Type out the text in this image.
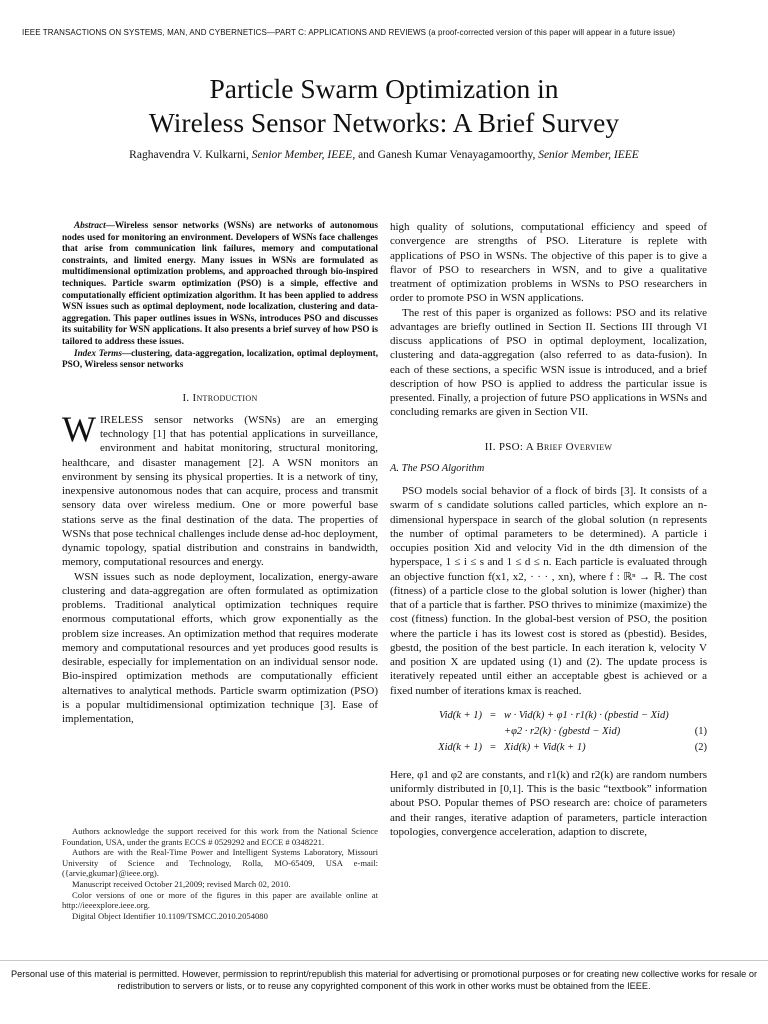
IEEE TRANSACTIONS ON SYSTEMS, MAN, AND CYBERNETICS—PART C: APPLICATIONS AND REVIEWS (a proof-corrected version of this paper will appear in a future issue)
Particle Swarm Optimization in
Wireless Sensor Networks: A Brief Survey
Raghavendra V. Kulkarni, Senior Member, IEEE, and Ganesh Kumar Venayagamoorthy, Senior Member, IEEE

Abstract—Wireless sensor networks (WSNs) are networks of autonomous nodes used for monitoring an environment. Developers of WSNs face challenges that arise from communication link failures, memory and computational constraints, and limited energy. Many issues in WSNs are formulated as multidimensional optimization problems, and approached through bio-inspired techniques. Particle swarm optimization (PSO) is a simple, effective and computationally efficient optimization algorithm. It has been applied to address WSN issues such as optimal deployment, node localization, clustering and data-aggregation. This paper outlines issues in WSNs, introduces PSO and discusses its suitability for WSN applications. It also presents a brief survey of how PSO is tailored to address these issues.

Index Terms—clustering, data-aggregation, localization, optimal deployment, PSO, Wireless sensor networks

I. Introduction

WIRELESS sensor networks (WSNs) are an emerging technology [1] that has potential applications in surveillance, environment and habitat monitoring, structural monitoring, healthcare, and disaster management [2]. A WSN monitors an environment by sensing its physical properties. It is a network of tiny, inexpensive autonomous nodes that can acquire, process and transmit sensory data over wireless medium. One or more powerful base stations serve as the final destination of the data. The properties of WSNs that pose technical challenges include dense ad-hoc deployment, dynamic topology, spatial distribution and constrains in bandwidth, memory, computational resources and energy.

WSN issues such as node deployment, localization, energy-aware clustering and data-aggregation are often formulated as optimization problems. Traditional analytical optimization techniques require enormous computational efforts, which grow exponentially as the problem size increases. An optimization method that requires moderate memory and computational resources and yet produces good results is desirable, especially for implementation on an individual sensor node. Bio-inspired optimization methods are computationally efficient alternatives to analytical methods. Particle swarm optimization (PSO) is a popular multidimensional optimization technique [3]. Ease of implementation,

Authors acknowledge the support received for this work from the National Science Foundation, USA, under the grants ECCS # 0529292 and ECCE # 0348221.

Authors are with the Real-Time Power and Intelligent Systems Laboratory, Missouri University of Science and Technology, Rolla, MO-65409, USA e-mail: ({arvie,gkumar}@ieee.org).

Manuscript received October 21,2009; revised March 02, 2010.

Color versions of one or more of the figures in this paper are available online at http://ieeexplore.ieee.org.

Digital Object Identifier 10.1109/TSMCC.2010.2054080

high quality of solutions, computational efficiency and speed of convergence are strengths of PSO. Literature is replete with applications of PSO in WSNs. The objective of this paper is to give a flavor of PSO to researchers in WSN, and to give a qualitative treatment of optimization problems in WSNs to PSO researchers in order to promote PSO in WSN applications.

The rest of this paper is organized as follows: PSO and its relative advantages are briefly outlined in Section II. Sections III through VI discuss applications of PSO in optimal deployment, localization, clustering and data-aggregation (also referred to as data-fusion). In each of these sections, a specific WSN issue is introduced, and a brief description of how PSO is applied to address the particular issue is presented. Finally, a projection of future PSO applications in WSNs and concluding remarks are given in Section VII.

II. PSO: A Brief Overview
A. The PSO Algorithm

PSO models social behavior of a flock of birds [3]. It consists of a swarm of s candidate solutions called particles, which explore an n-dimensional hyperspace in search of the global solution (n represents the number of optimal parameters to be determined). A particle i occupies position Xid and velocity Vid in the dth dimension of the hyperspace, 1 ≤ i ≤ s and 1 ≤ d ≤ n. Each particle is evaluated through an objective function f(x1, x2, · · · , xn), where f : ℝⁿ → ℝ. The cost (fitness) of a particle close to the global solution is lower (higher) than that of a particle that is farther. PSO thrives to minimize (maximize) the cost (fitness) function. In the global-best version of PSO, the position where the particle i has its lowest cost is stored as (pbestid). Besides, gbestd, the position of the best particle. In each iteration k, velocity V and position X are updated using (1) and (2). The update process is iteratively repeated until either an acceptable gbest is achieved or a fixed number of iterations kmax is reached.

Vid(k + 1) = w · Vid(k) + φ1 · r1(k) · (pbestid − Xid)
+φ2 · r2(k) · (gbestd − Xid)	(1)
Xid(k + 1) = Xid(k) + Vid(k + 1)	(2)

Here, φ1 and φ2 are constants, and r1(k) and r2(k) are random numbers uniformly distributed in [0,1]. This is the basic “textbook” information about PSO. Popular themes of PSO research are: choice of parameters and their ranges, iterative adaption of parameters, particle interaction topologies, convergence acceleration, adaption to discrete,

Personal use of this material is permitted. However, permission to reprint/republish this material for advertising or promotional purposes or for creating new collective works for resale or redistribution to servers or lists, or to reuse any copyrighted component of this work in other works must be obtained from the IEEE.
